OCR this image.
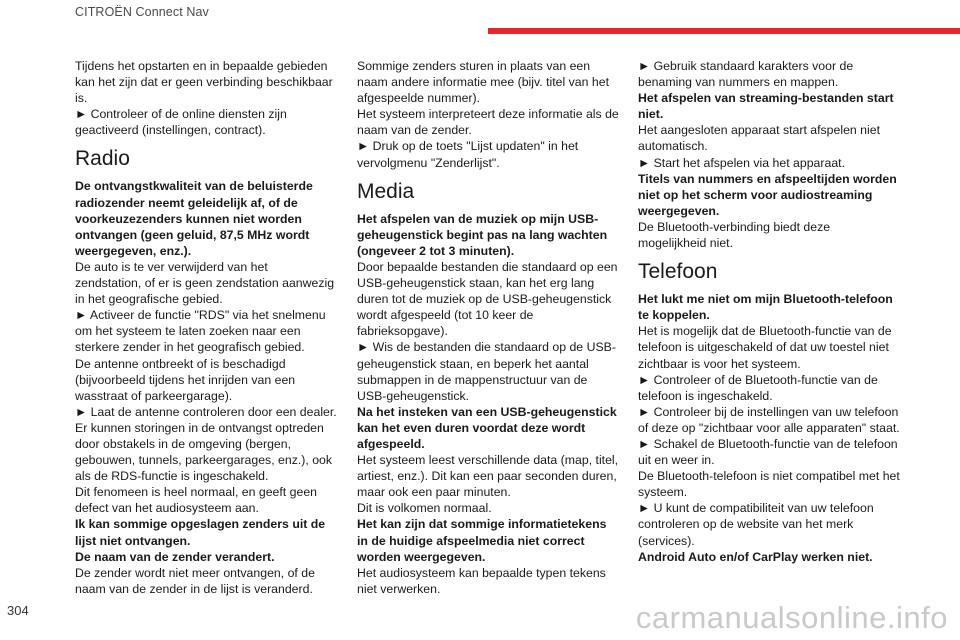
CITROËN Connect Nav

Tijdens het opstarten en in bepaalde gebieden kan het zijn dat er geen verbinding beschikbaar is.

► Controleer of de online diensten zijn geactiveerd (instellingen, contract).

Radio

De ontvangstkwaliteit van de beluisterde radiozender neemt geleidelijk af, of de voorkeuzezenders kunnen niet worden ontvangen (geen geluid, 87,5 MHz wordt weergegeven, enz.).

De auto is te ver verwijderd van het zendstation, of er is geen zendstation aanwezig in het geografische gebied.

► Activeer de functie "RDS" via het snelmenu om het systeem te laten zoeken naar een sterkere zender in het geografisch gebied.

De antenne ontbreekt of is beschadigd (bijvoorbeeld tijdens het inrijden van een wasstraat of parkeergarage).

► Laat de antenne controleren door een dealer.

Er kunnen storingen in de ontvangst optreden door obstakels in de omgeving (bergen, gebouwen, tunnels, parkeergarages, enz.), ook als de RDS-functie is ingeschakeld.

Dit fenomeen is heel normaal, en geeft geen defect van het audiosysteem aan.

Ik kan sommige opgeslagen zenders uit de lijst niet ontvangen.

De naam van de zender verandert.

De zender wordt niet meer ontvangen, of de naam van de zender in de lijst is veranderd.

Sommige zenders sturen in plaats van een naam andere informatie mee (bijv. titel van het afgespeelde nummer).

Het systeem interpreteert deze informatie als de naam van de zender.

► Druk op de toets "Lijst updaten" in het vervolgmenu "Zenderlijst".

Media

Het afspelen van de muziek op mijn USB-geheugenstick begint pas na lang wachten (ongeveer 2 tot 3 minuten).

Door bepaalde bestanden die standaard op een USB-geheugenstick staan, kan het erg lang duren tot de muziek op de USB-geheugenstick wordt afgespeeld (tot 10 keer de fabrieksopgave).

► Wis de bestanden die standaard op de USB-geheugenstick staan, en beperk het aantal submappen in de mappenstructuur van de USB-geheugenstick.

Na het insteken van een USB-geheugenstick kan het even duren voordat deze wordt afgespeeld.

Het systeem leest verschillende data (map, titel, artiest, enz.). Dit kan een paar seconden duren, maar ook een paar minuten.

Dit is volkomen normaal.

Het kan zijn dat sommige informatietekens in de huidige afspeelmedia niet correct worden weergegeven.

Het audiosysteem kan bepaalde typen tekens niet verwerken.

► Gebruik standaard karakters voor de benaming van nummers en mappen.

Het afspelen van streaming-bestanden start niet.

Het aangesloten apparaat start afspelen niet automatisch.

► Start het afspelen via het apparaat.

Titels van nummers en afspeeltijden worden niet op het scherm voor audiostreaming weergegeven.

De Bluetooth-verbinding biedt deze mogelijkheid niet.

Telefoon

Het lukt me niet om mijn Bluetooth-telefoon te koppelen.

Het is mogelijk dat de Bluetooth-functie van de telefoon is uitgeschakeld of dat uw toestel niet zichtbaar is voor het systeem.

► Controleer of de Bluetooth-functie van de telefoon is ingeschakeld.

► Controleer bij de instellingen van uw telefoon of deze op "zichtbaar voor alle apparaten" staat.

► Schakel de Bluetooth-functie van de telefoon uit en weer in.

De Bluetooth-telefoon is niet compatibel met het systeem.

► U kunt de compatibiliteit van uw telefoon controleren op de website van het merk (services).

Android Auto en/of CarPlay werken niet.

304	carmanualsonline.info
